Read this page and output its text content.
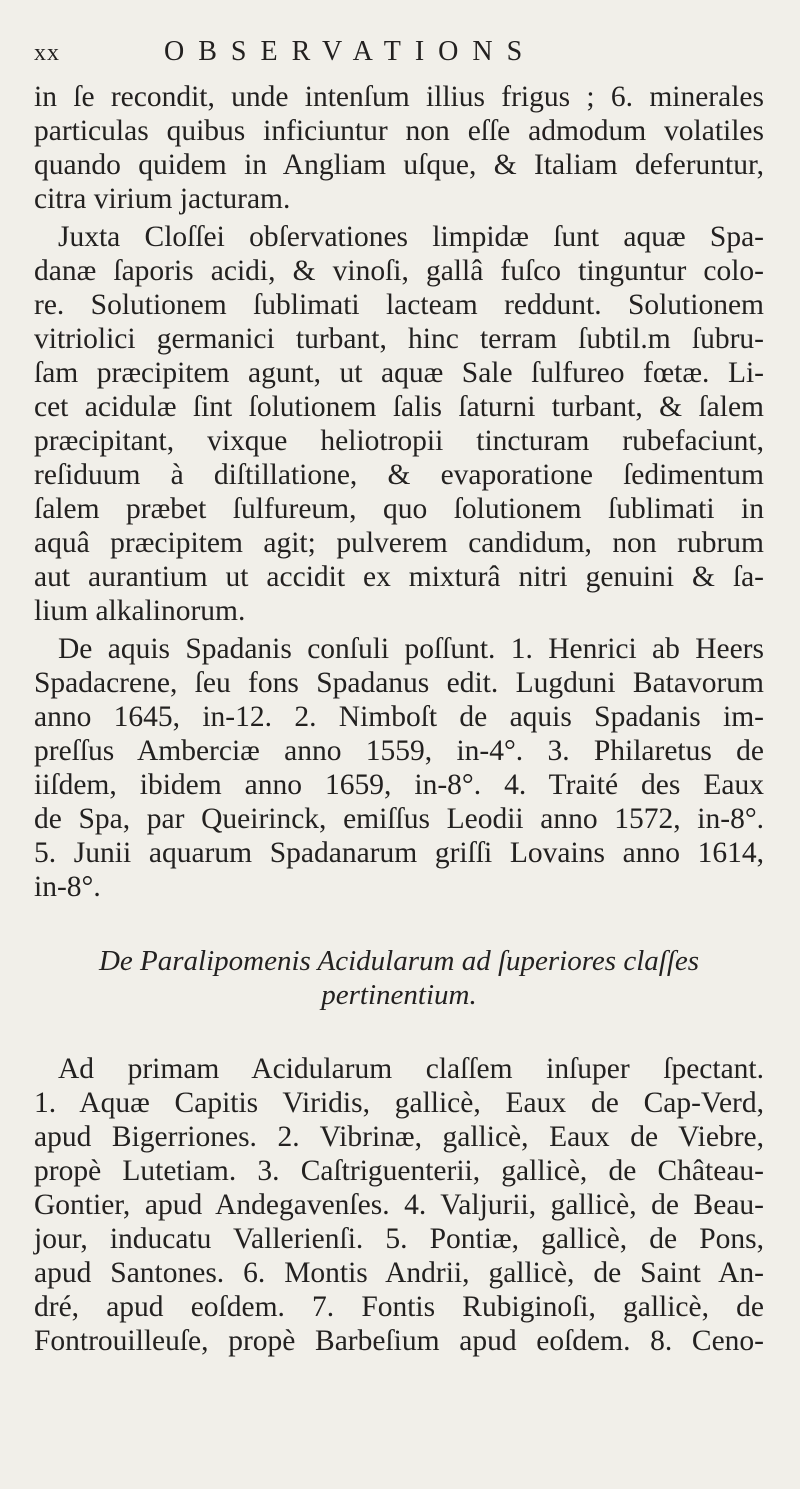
xx	OBSERVATIONS
in ſe recondit, unde intenſum illius frigus ; 6. minerales
particulas quibus inficiuntur non eſſe admodum volatiles
quando quidem in Angliam uſque, & Italiam deferuntur,
citra virium jacturam.
Juxta Cloſſei obſervationes limpidæ ſunt aquæ Spa-
danæ ſaporis acidi, & vinoſi, gallâ fuſco tinguntur colo-
re. Solutionem ſublimati lacteam reddunt. Solutionem
vitriolici germanici turbant, hinc terram ſubtil.m ſubru-
ſam præcipitem agunt, ut aquæ Sale ſulfureo fœtæ. Li-
cet acidulæ ſint ſolutionem ſalis ſaturni turbant, & ſalem
præcipitant, vixque heliotropii tincturam rubefaciunt,
reſiduum à diſtillatione, & evaporatione ſedimentum
ſalem præbet ſulfureum, quo ſolutionem ſublimati in
aquâ præcipitem agit; pulverem candidum, non rubrum
aut aurantium ut accidit ex mixturâ nitri genuini & ſa-
lium alkalinorum.
De aquis Spadanis conſuli poſſunt. 1. Henrici ab Heers
Spadacrene, ſeu fons Spadanus edit. Lugduni Batavorum
anno 1645, in-12. 2. Nimboſt de aquis Spadanis im-
preſſus Amberciæ anno 1559, in-4°. 3. Philaretus de
iiſdem, ibidem anno 1659, in-8°. 4. Traité des Eaux
de Spa, par Queirinck, emiſſus Leodii anno 1572, in-8°.
5. Junii aquarum Spadanarum griſſi Lovains anno 1614,
in-8°.
De Paralipomenis Acidularum ad ſuperiores claſſes
pertinentium.
Ad primam Acidularum claſſem inſuper ſpectant.
1. Aquæ Capitis Viridis, gallicè, Eaux de Cap-Verd,
apud Bigerriones. 2. Vibrinæ, gallicè, Eaux de Viebre,
propè Lutetiam. 3. Caſtriguenterii, gallicè, de Château-
Gontier, apud Andegavenſes. 4. Valjurii, gallicè, de Beau-
jour, inducatu Vallerienſi. 5. Pontiæ, gallicè, de Pons,
apud Santones. 6. Montis Andrii, gallicè, de Saint An-
dré, apud eoſdem. 7. Fontis Rubiginoſi, gallicè, de
Fontrouilleuſe, propè Barbeſium apud eoſdem. 8. Ceno-
